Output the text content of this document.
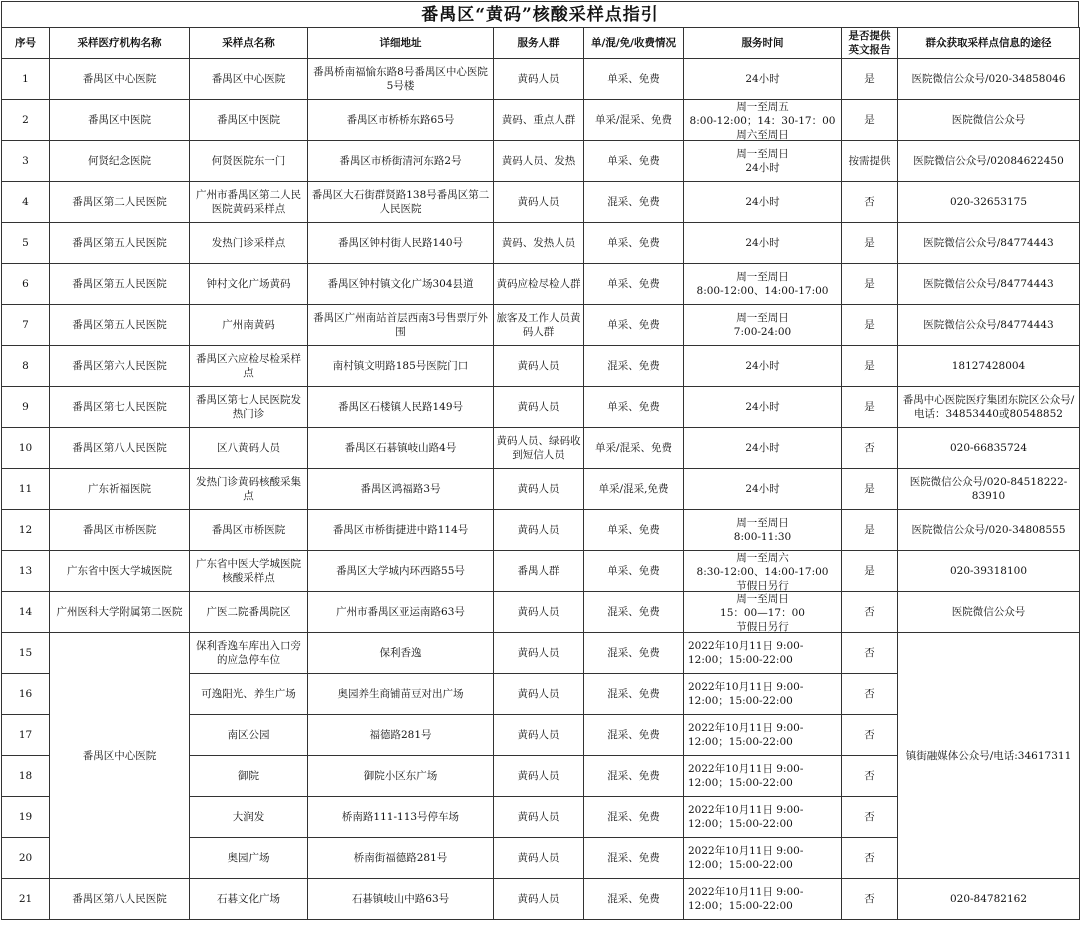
番禺区“黄码”核酸采样点指引
序号	采样医疗机构名称	采样点名称	详细地址	服务人群	单/混/免/收费情况	服务时间	是否提供英文报告	群众获取采样点信息的途径

1	番禺区中心医院	番禺区中心医院	番禺桥南福愉东路8号番禺区中心医院5号楼	黄码人员	单采、免费	24小时	是	医院微信公众号/020-34858046

2	番禺区中医院	番禺区中医院	番禺区市桥桥东路65号	黄码、重点人群	单采/混采、免费	周一至周五
8:00-12:00；14：30-17：00
周六至周日	是	医院微信公众号

3	何贤纪念医院	何贤医院东一门	番禺区市桥街清河东路2号	黄码人员、发热	单采、免费	周一至周日
24小时	按需提供	医院微信公众号/02084622450

4	番禺区第二人民医院	广州市番禺区第二人民医院黄码采样点	番禺区大石街群贤路138号番禺区第二人民医院	黄码人员	混采、免费	24小时	否	020-32653175

5	番禺区第五人民医院	发热门诊采样点	番禺区钟村街人民路140号	黄码、发热人员	单采、免费	24小时	是	医院微信公众号/84774443

6	番禺区第五人民医院	钟村文化广场黄码	番禺区钟村镇文化广场304县道	黄码应检尽检人群	单采、免费	周一至周日
8:00-12:00、14:00-17:00	是	医院微信公众号/84774443

7	番禺区第五人民医院	广州南黄码	番禺区广州南站首层西南3号售票厅外围	旅客及工作人员黄码人群	单采、免费	周一至周日
7:00-24:00	是	医院微信公众号/84774443

8	番禺区第六人民医院	番禺区六应检尽检采样点	南村镇文明路185号医院门口	黄码人员	混采、免费	24小时	是	18127428004

9	番禺区第七人民医院	番禺区第七人民医院发热门诊	番禺区石楼镇人民路149号	黄码人员	单采、免费	24小时	是	番禺中心医院医疗集团东院区公众号/电话：34853440或80548852

10	番禺区第八人民医院	区八黄码人员	番禺区石碁镇岐山路4号	黄码人员、绿码收到短信人员	单采/混采、免费	24小时	否	020-66835724

11	广东祈福医院	发热门诊黄码核酸采集点	番禺区鸿福路3号	黄码人员	单采/混采,免费	24小时	是	医院微信公众号/020-84518222-83910

12	番禺区市桥医院	番禺区市桥医院	番禺区市桥街捷进中路114号	黄码人员	单采、免费	周一至周日
8:00-11:30	是	医院微信公众号/020-34808555

13	广东省中医大学城医院	广东省中医大学城医院核酸采样点	番禺区大学城内环西路55号	番禺人群	单采、免费	周一至周六
8:30-12:00、14:00-17:00
节假日另行	是	020-39318100

14	广州医科大学附属第二医院	广医二院番禺院区	广州市番禺区亚运南路63号	黄码人员	混采、免费	周一至周日
15：00—17：00
节假日另行	否	医院微信公众号

15	番禺区中心医院	保利香逸车库出入口旁的应急停车位	保利香逸	黄码人员	混采、免费	2022年10月11日 9:00-
12:00；15:00-22:00	否	镇街融媒体公众号/电话:34617311

16		可逸阳光、养生广场	奥园养生商铺苗豆对出广场	黄码人员	混采、免费	2022年10月11日 9:00-
12:00；15:00-22:00	否	

17		南区公园	福德路281号	黄码人员	混采、免费	2022年10月11日 9:00-
12:00；15:00-22:00	否	

18		御院	御院小区东广场	黄码人员	混采、免费	2022年10月11日 9:00-
12:00；15:00-22:00	否	

19		大润发	桥南路111-113号停车场	黄码人员	混采、免费	2022年10月11日 9:00-
12:00；15:00-22:00	否	

20		奥园广场	桥南街福德路281号	黄码人员	混采、免费	2022年10月11日 9:00-
12:00；15:00-22:00	否	

21	番禺区第八人民医院	石碁文化广场	石碁镇岐山中路63号	黄码人员	混采、免费	2022年10月11日 9:00-
12:00；15:00-22:00	否	020-84782162
